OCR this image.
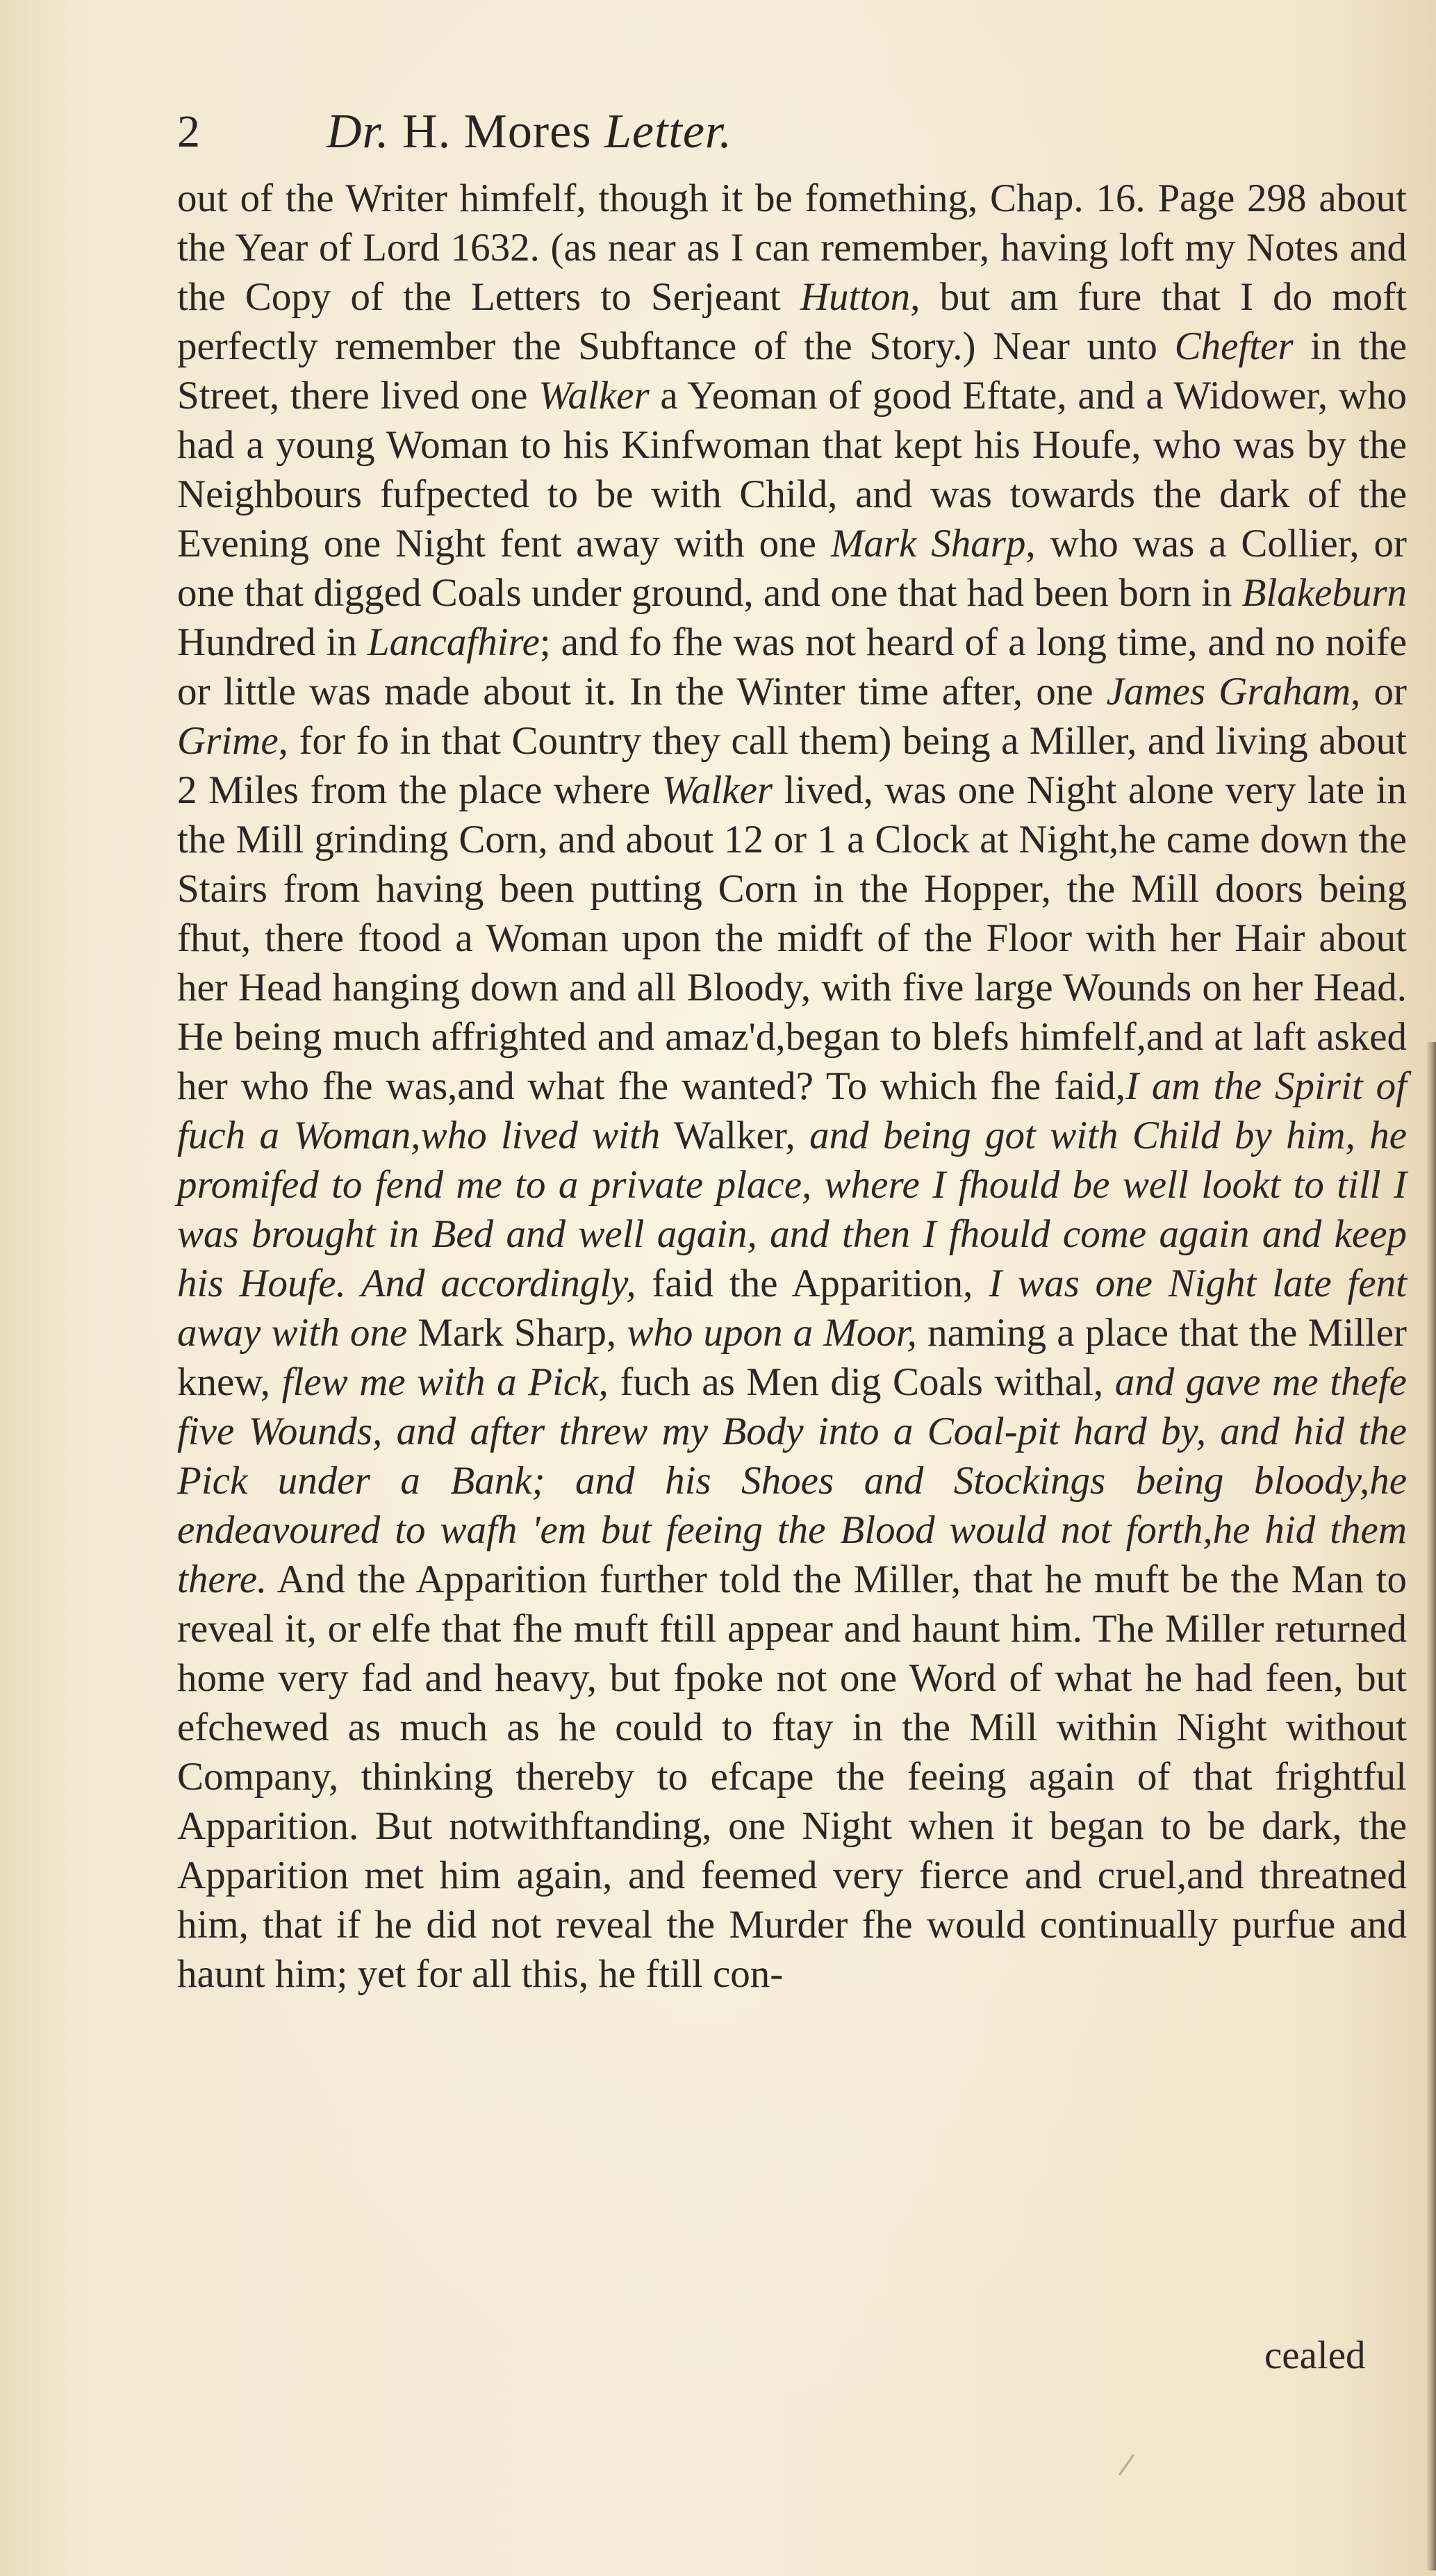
2	Dr. H. Mores Letter.

out of the Writer himfelf, though it be fomething, Chap. 16. Page 298 about the Year of Lord 1632. (as near as I can remember, having loft my Notes and the Copy of the Letters to Serjeant Hutton, but am fure that I do moft perfectly remember the Subftance of the Story.) Near unto Chefter in the Street, there lived one Walker a Yeoman of good Eftate, and a Widower, who had a young Woman to his Kinfwoman that kept his Houfe, who was by the Neighbours fufpected to be with Child, and was towards the dark of the Evening one Night fent away with one Mark Sharp, who was a Collier, or one that digged Coals under ground, and one that had been born in Blakeburn Hundred in Lancafhire; and fo fhe was not heard of a long time, and no noife or little was made about it. In the Winter time after, one James Graham, or Grime, for fo in that Country they call them) being a Miller, and living about 2 Miles from the place where Walker lived, was one Night alone very late in the Mill grinding Corn, and about 12 or 1 a Clock at Night,he came down the Stairs from having been putting Corn in the Hopper, the Mill doors being fhut, there ftood a Woman upon the midft of the Floor with her Hair about her Head hanging down and all Bloody, with five large Wounds on her Head. He being much affrighted and amaz'd,began to blefs himfelf,and at laft asked her who fhe was,and what fhe wanted? To which fhe faid,I am the Spirit of fuch a Woman,who lived with Walker, and being got with Child by him, he promifed to fend me to a private place, where I fhould be well lookt to till I was brought in Bed and well again, and then I fhould come again and keep his Houfe. And accordingly, faid the Apparition, I was one Night late fent away with one Mark Sharp, who upon a Moor, naming a place that the Miller knew, flew me with a Pick, fuch as Men dig Coals withal, and gave me thefe five Wounds, and after threw my Body into a Coal-pit hard by, and hid the Pick under a Bank; and his Shoes and Stockings being bloody,he endeavoured to wafh 'em but feeing the Blood would not forth,he hid them there. And the Apparition further told the Miller, that he muft be the Man to reveal it, or elfe that fhe muft ftill appear and haunt him. The Miller returned home very fad and heavy, but fpoke not one Word of what he had feen, but efchewed as much as he could to ftay in the Mill within Night without Company, thinking thereby to efcape the feeing again of that frightful Apparition. But notwithftanding, one Night when it began to be dark, the Apparition met him again, and feemed very fierce and cruel,and threatned him, that if he did not reveal the Murder fhe would continually purfue and haunt him; yet for all this, he ftill con-

cealed
